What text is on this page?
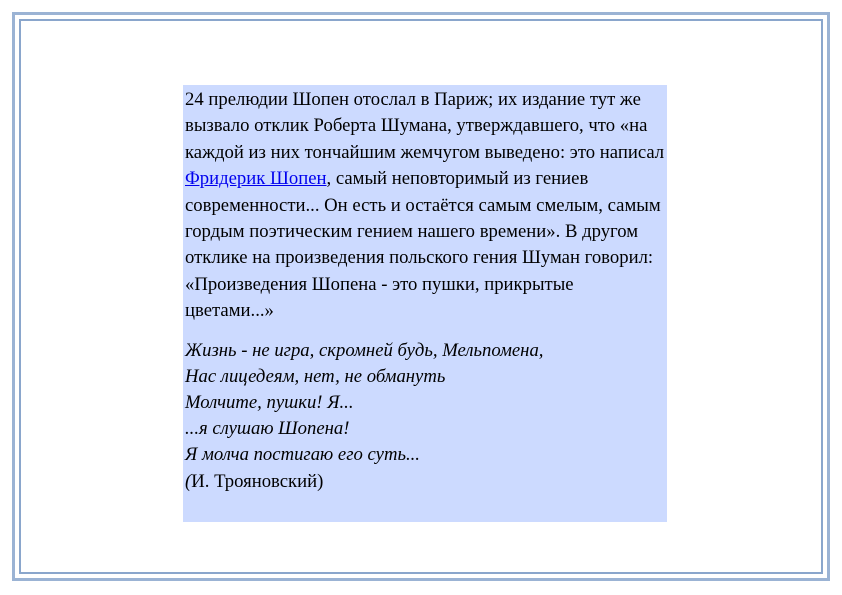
24 прелюдии Шопен отослал в Париж; их издание тут же вызвало отклик Роберта Шумана, утверждавшего, что «на каждой из них тончайшим жемчугом выведено: это написал Фридерик Шопен, самый неповторимый из гениев современности... Он есть и остаётся самым смелым, самым гордым поэтическим гением нашего времени». В другом отклике на произведения польского гения Шуман говорил: «Произведения Шопена - это пушки, прикрытые цветами...»

Жизнь - не игра, скромней будь, Мельпомена,
Нас лицедеям, нет, не обмануть
Молчите, пушки! Я...
...я слушаю Шопена!
Я молча постигаю его суть...
(И. Трояновский)
